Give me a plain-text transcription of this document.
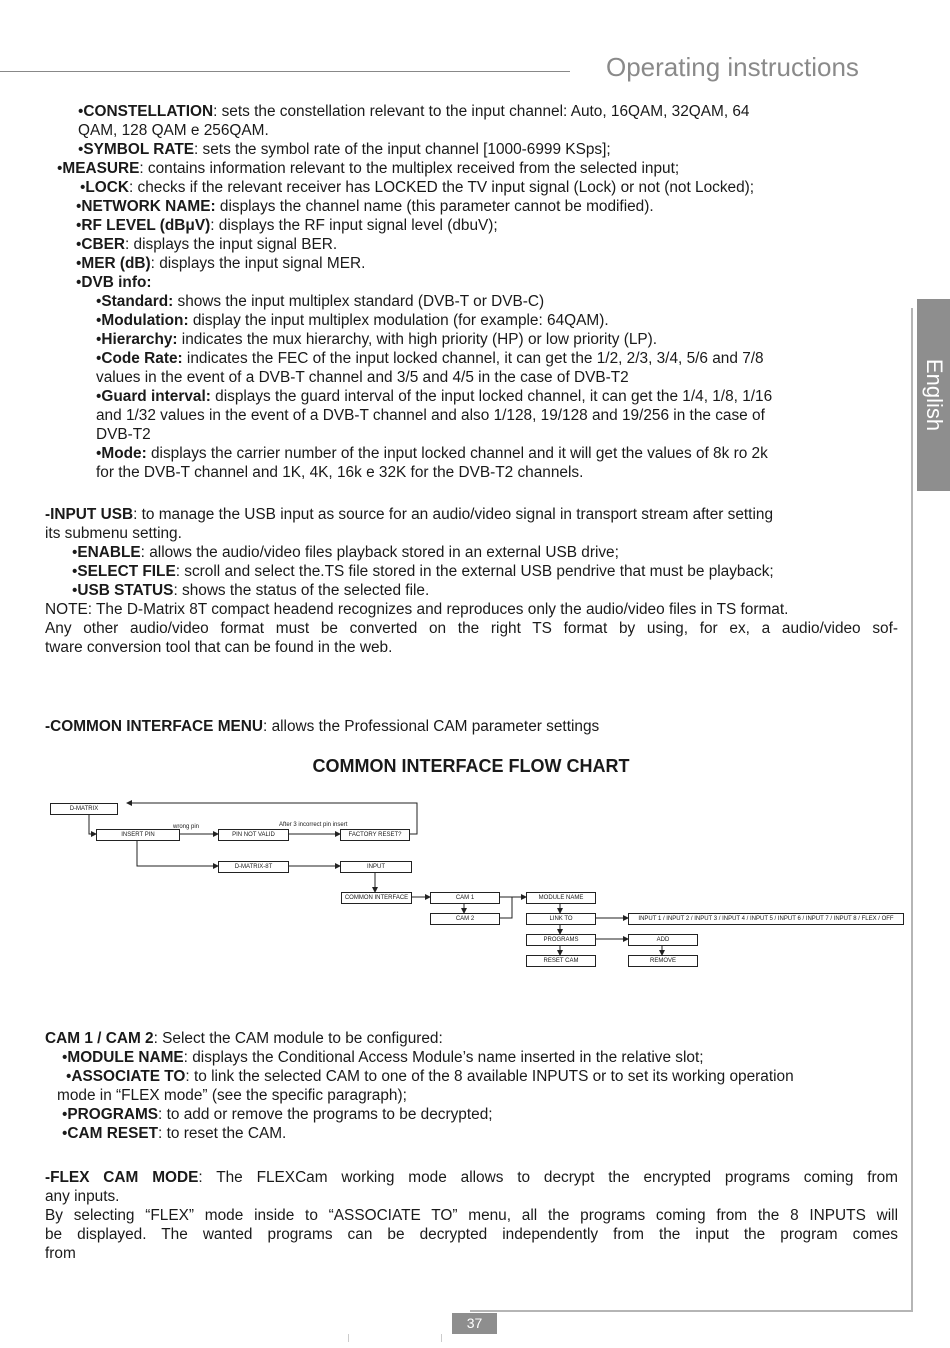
Operating instructions
English
•CONSTELLATION: sets the constellation relevant to the input channel: Auto, 16QAM, 32QAM, 64
QAM, 128 QAM e 256QAM.
•SYMBOL RATE: sets the symbol rate of the input channel [1000-6999 KSps];
•MEASURE: contains information relevant to the multiplex received from the selected input;
•LOCK: checks if the relevant receiver has LOCKED the TV input signal (Lock) or not (not Locked);
•NETWORK NAME: displays the channel name (this parameter cannot be modified).
•RF LEVEL (dBμV): displays the RF input signal level (dbuV);
•CBER: displays the input signal BER.
•MER (dB): displays the input signal MER.
•DVB info:
•Standard: shows the input multiplex standard (DVB-T or DVB-C)
•Modulation: display the input multiplex modulation (for example: 64QAM).
•Hierarchy: indicates the mux hierarchy, with high priority (HP) or low priority (LP).
•Code Rate: indicates the FEC of the input locked channel, it can get the 1/2, 2/3, 3/4, 5/6 and 7/8
values in the event of a DVB-T channel and 3/5 and 4/5 in the case of DVB-T2
•Guard interval: displays the guard interval of the input locked channel, it can get the 1/4, 1/8, 1/16
and 1/32 values in the event of a DVB-T channel and also 1/128, 19/128 and 19/256 in the case of
DVB-T2
•Mode: displays the carrier number of the input locked channel and it will get the values of 8k ro 2k
for the DVB-T channel and 1K, 4K, 16k e 32K for the DVB-T2 channels.
-INPUT USB: to manage the USB input as source for an audio/video signal in transport stream after setting
its submenu setting.
•ENABLE: allows the audio/video files playback stored in an external USB drive;
•SELECT FILE: scroll and select the.TS file stored in the external USB pendrive that must be playback;
•USB STATUS: shows the status of the selected file.
NOTE: The D-Matrix 8T compact headend recognizes and reproduces only the audio/video files in TS format.
Any other audio/video format must be converted on the right TS format by using, for ex, a audio/video sof-
tware conversion tool that can be found in the web.
-COMMON INTERFACE MENU: allows the Professional CAM parameter settings
COMMON INTERFACE FLOW CHART
D-MATRIX
INSERT PIN
wrong pin
PIN NOT VALID
After 3 incorrect pin insert
FACTORY RESET?
D-MATRIX-8T	INPUT
COMMON INTERFACE	CAM 1
CAM 2
MODULE NAME
LINK TO	INPUT 1 / INPUT 2 / INPUT 3 / INPUT 4 / INPUT 5 / INPUT 6 / INPUT 7 / INPUT 8 / FLEX / OFF
PROGRAMS	ADD
RESET CAM	REMOVE
CAM 1 / CAM 2: Select the CAM module to be configured:
•MODULE NAME: displays the Conditional Access Module’s name inserted in the relative slot;
•ASSOCIATE TO: to link the selected CAM to one of the 8 available INPUTS or to set its working operation
mode in “FLEX mode” (see the specific paragraph);
•PROGRAMS: to add or remove the programs to be decrypted;
•CAM RESET: to reset the CAM.
-FLEX CAM MODE: The FLEXCam working mode allows to decrypt the encrypted programs coming from
any inputs.
By selecting “FLEX” mode inside to “ASSOCIATE TO” menu, all the programs coming from the 8 INPUTS will
be displayed. The wanted programs can be decrypted independently from the input the program comes
from
37
